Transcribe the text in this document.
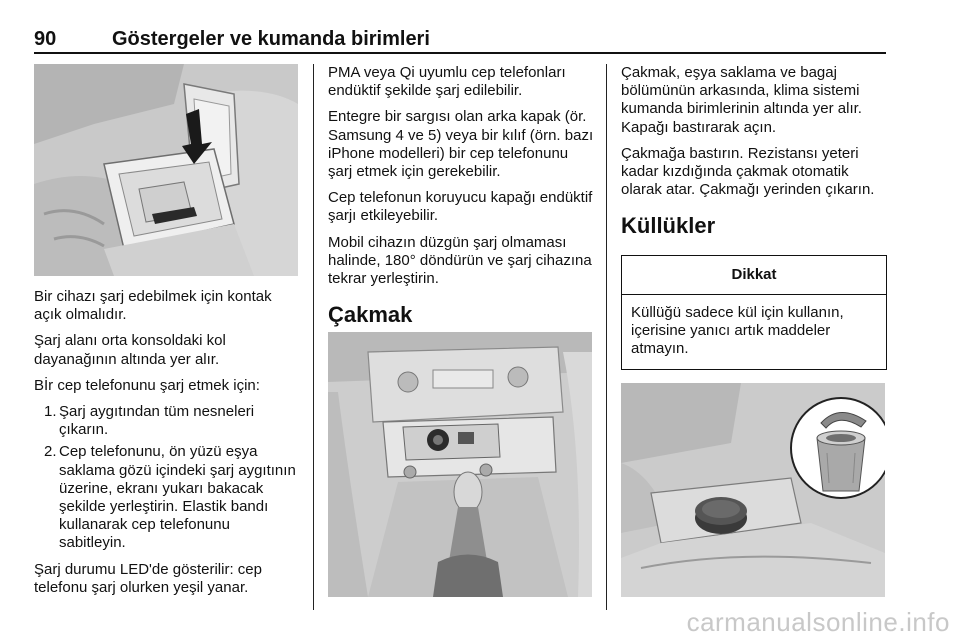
90	Göstergeler ve kumanda birimleri

Bir cihazı şarj edebilmek için kontak açık olmalıdır.

Şarj alanı orta konsoldaki kol dayanağının altında yer alır.

Bİr cep telefonunu şarj etmek için:

1. Şarj aygıtından tüm nesneleri çıkarın.
2. Cep telefonunu, ön yüzü eşya saklama gözü içindeki şarj aygıtının üzerine, ekranı yukarı bakacak şekilde yerleştirin. Elastik bandı kullanarak cep telefonunu sabitleyin.

Şarj durumu LED'de gösterilir: cep telefonu şarj olurken yeşil yanar.

PMA veya Qi uyumlu cep telefonları endüktif şekilde şarj edilebilir.

Entegre bir sargısı olan arka kapak (ör. Samsung 4 ve 5) veya bir kılıf (örn. bazı iPhone modelleri) bir cep telefonunu şarj etmek için gerekebilir.

Cep telefonun koruyucu kapağı endüktif şarjı etkileyebilir.

Mobil cihazın düzgün şarj olmaması halinde, 180° döndürün ve şarj cihazına tekrar yerleştirin.

Çakmak

Çakmak, eşya saklama ve bagaj bölümünün arkasında, klima sistemi kumanda birimlerinin altında yer alır. Kapağı bastırarak açın.

Çakmağa bastırın. Rezistansı yeteri kadar kızdığında çakmak otomatik olarak atar. Çakmağı yerinden çıkarın.

Küllükler
Dikkat
Küllüğü sadece kül için kullanın, içerisine yanıcı artık maddeler atmayın.
carmanualsonline.info
